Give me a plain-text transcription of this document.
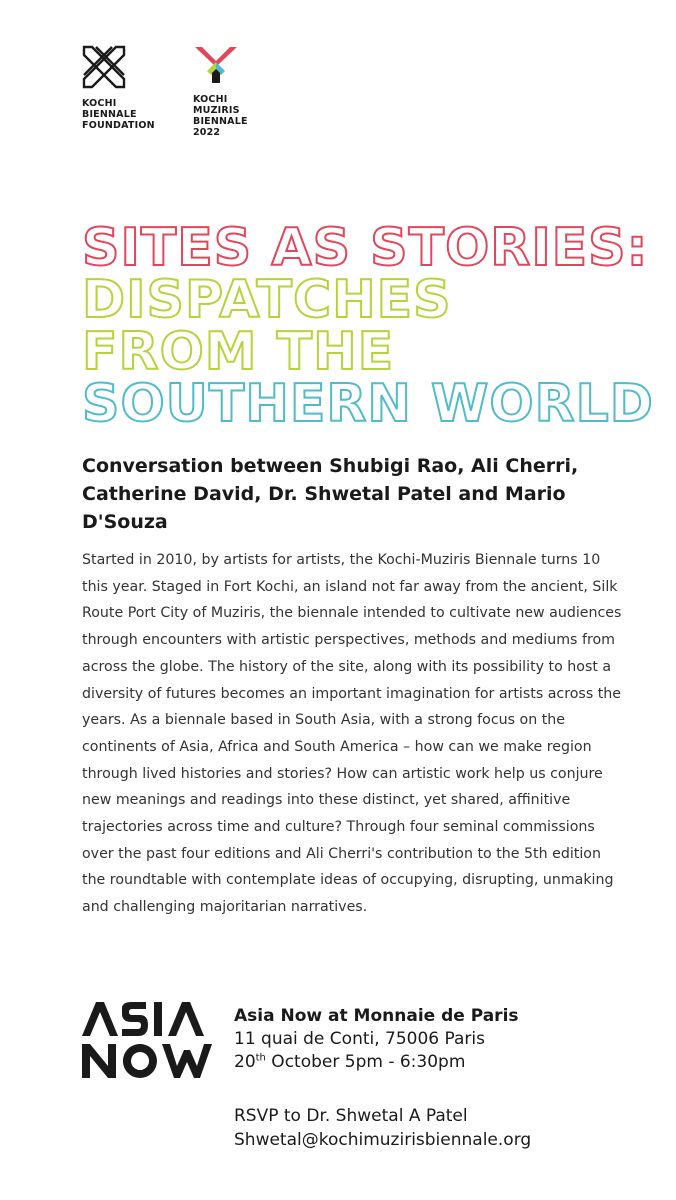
KOCHI
BIENNALE
FOUNDATION
KOCHI
MUZIRIS
BIENNALE
2022
SITES AS STORIES:
DISPATCHES
FROM THE
SOUTHERN WORLD
Conversation between Shubigi Rao, Ali Cherri, Catherine David, Dr. Shwetal Patel and Mario D'Souza
Started in 2010, by artists for artists, the Kochi-Muziris Biennale turns 10 this year. Staged in Fort Kochi, an island not far away from the ancient, Silk Route Port City of Muziris, the biennale intended to cultivate new audiences through encounters with artistic perspectives, methods and mediums from across the globe. The history of the site, along with its possibility to host a diversity of futures becomes an important imagination for artists across the years. As a biennale based in South Asia, with a strong focus on the continents of Asia, Africa and South America – how can we make region through lived histories and stories? How can artistic work help us conjure new meanings and readings into these distinct, yet shared, affinitive trajectories across time and culture? Through four seminal commissions over the past four editions and Ali Cherri's contribution to the 5th edition the roundtable with contemplate ideas of occupying, disrupting, unmaking and challenging majoritarian narratives.
Asia Now at Monnaie de Paris
11 quai de Conti, 75006 Paris
20th October 5pm - 6:30pm
RSVP to Dr. Shwetal A Patel
Shwetal@kochimuzirisbiennale.org
